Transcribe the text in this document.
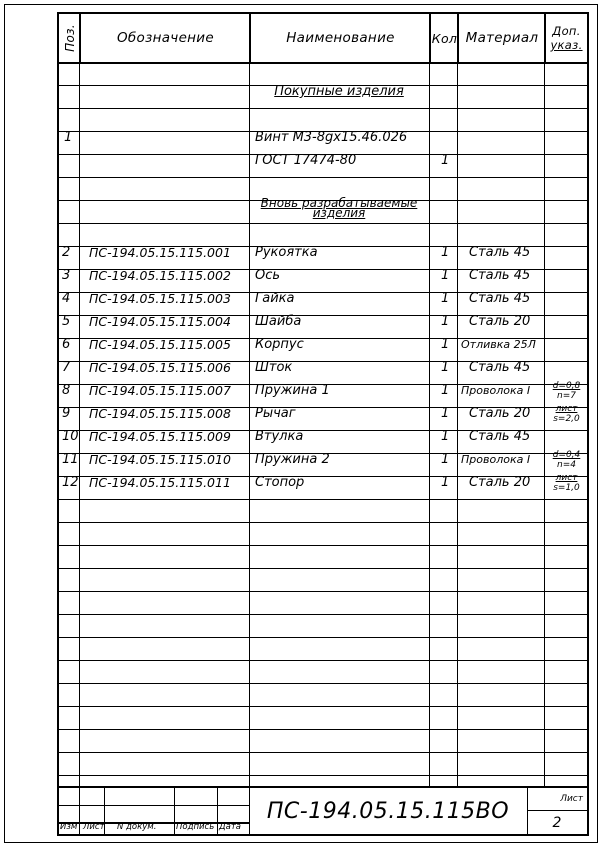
Поз.	Обозначение	Наименование	Кол Материал Доп.
указ.
Покупные изделия
1	Винт М3-8gx15.46.026
ГОСТ 17474-80	1
Вновь разрабатываемые
изделия
2 ПС-194.05.15.115.001 Рукоятка	1 Сталь 45
3 ПС-194.05.15.115.002 Ось	1 Сталь 45
4 ПС-194.05.15.115.003 Гайка	1 Сталь 45
5 ПС-194.05.15.115.004 Шайба	1 Сталь 20
6 ПС-194.05.15.115.005 Корпус	1 Отливка 25Л
7 ПС-194.05.15.115.006 Шток	1 Сталь 45
8 ПС-194.05.15.115.007 Пружина 1	1 Проволока I	d=0,8
n=7
9 ПС-194.05.15.115.008 Рычаг	1 Сталь 20	лист
s=2,0
10 ПС-194.05.15.115.009 Втулка	1 Сталь 45
11 ПС-194.05.15.115.010 Пружина 2	1 Проволока I	d=0,4
n=4
12 ПС-194.05.15.115.011 Стопор	1 Сталь 20	лист
s=1,0
Изм Лист N докум. Подпись Дата
ПС-194.05.15.115ВО	Лист
2
